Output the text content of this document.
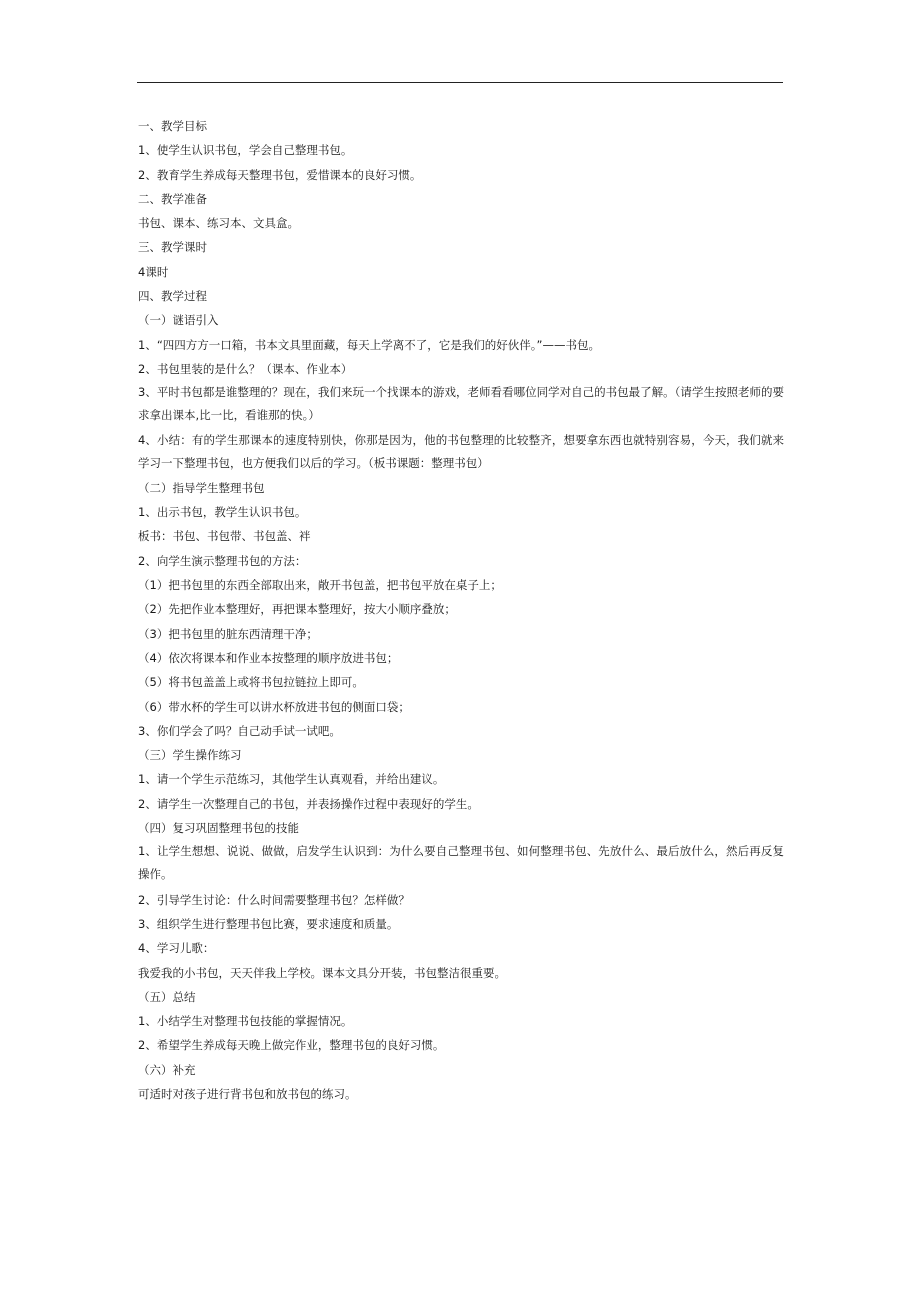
一、教学目标

1、使学生认识书包，学会自己整理书包。

2、教育学生养成每天整理书包，爱惜课本的良好习惯。

二、教学准备

书包、课本、练习本、文具盒。

三、教学课时

4课时

四、教学过程

（一）谜语引入

1、“四四方方一口箱，书本文具里面藏，每天上学离不了，它是我们的好伙伴。”——书包。

2、书包里装的是什么？（课本、作业本）

3、平时书包都是谁整理的？现在，我们来玩一个找课本的游戏，老师看看哪位同学对自己的书包最了解。（请学生按照老师的要求拿出课本,比一比，看谁那的快。）

4、小结：有的学生那课本的速度特别快，你那是因为，他的书包整理的比较整齐，想要拿东西也就特别容易，今天，我们就来学习一下整理书包，也方便我们以后的学习。（板书课题：整理书包）

（二）指导学生整理书包

1、出示书包，教学生认识书包。

板书：书包、书包带、书包盖、袢

2、向学生演示整理书包的方法：

（1）把书包里的东西全部取出来，敞开书包盖，把书包平放在桌子上；

（2）先把作业本整理好，再把课本整理好，按大小顺序叠放；

（3）把书包里的脏东西清理干净；

（4）依次将课本和作业本按整理的顺序放进书包；

（5）将书包盖盖上或将书包拉链拉上即可。

（6）带水杯的学生可以讲水杯放进书包的侧面口袋；

3、你们学会了吗？自己动手试一试吧。

（三）学生操作练习

1、请一个学生示范练习，其他学生认真观看，并给出建议。

2、请学生一次整理自己的书包，并表扬操作过程中表现好的学生。

（四）复习巩固整理书包的技能

1、让学生想想、说说、做做，启发学生认识到：为什么要自己整理书包、如何整理书包、先放什么、最后放什么，然后再反复操作。

2、引导学生讨论：什么时间需要整理书包？怎样做？

3、组织学生进行整理书包比赛，要求速度和质量。

4、学习儿歌：

我爱我的小书包，天天伴我上学校。课本文具分开装，书包整洁很重要。

（五）总结

1、小结学生对整理书包技能的掌握情况。

2、希望学生养成每天晚上做完作业，整理书包的良好习惯。

（六）补充

可适时对孩子进行背书包和放书包的练习。
